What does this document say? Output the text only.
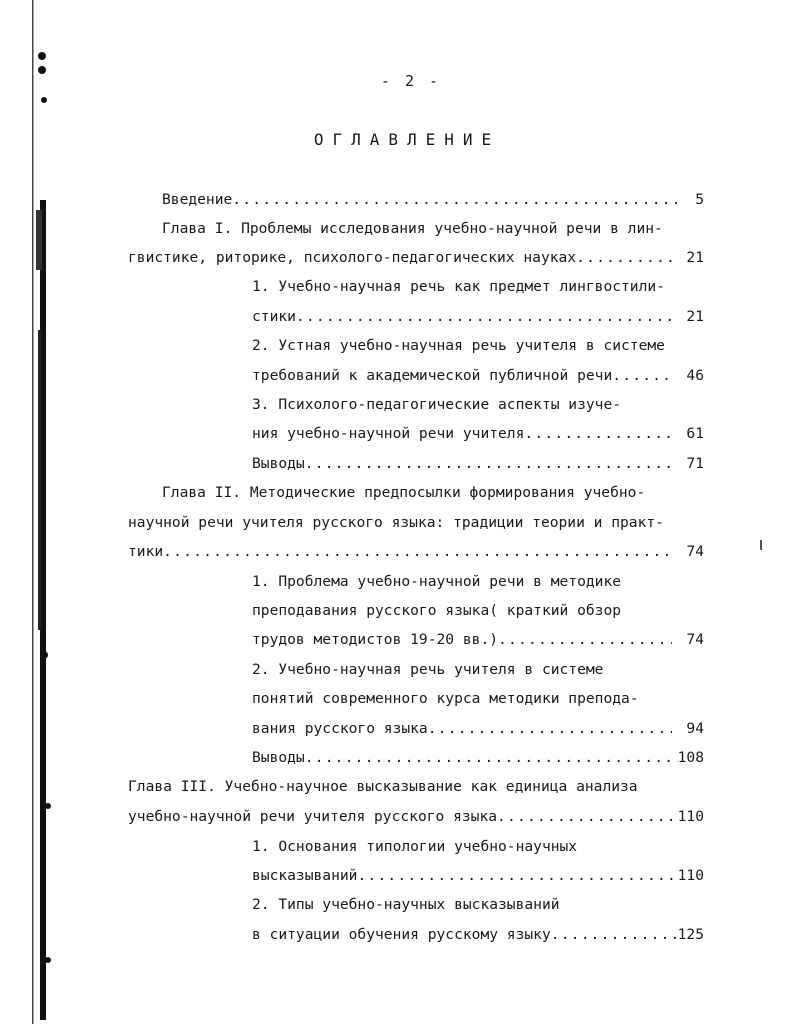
- 2 -
ОГЛАВЛЕНИЕ
Введение .....	5
Глава I. Проблемы исследования учебно-научной речи в лин-
гвистике, риторике, психолого-педагогических науках .....	21
1. Учебно-научная речь как предмет лингвостили-
стики .....	21
2. Устная учебно-научная речь учителя в системе
требований к академической публичной речи .....	46
3. Психолого-педагогические аспекты изуче-
ния учебно-научной речи учителя .....	61
Выводы .....	71
Глава II. Методические предпосылки формирования учебно-
научной речи учителя русского языка: традиции теории и практ-
тики .....	74
1. Проблема учебно-научной речи в методике
преподавания русского языка( краткий обзор
трудов методистов 19-20 вв.) .....	74
2. Учебно-научная речь учителя в системе
понятий современного курса методики препода-
вания русского языка .....	94
Выводы .....	108
Глава III. Учебно-научное высказывание как единица анализа
учебно-научной речи учителя русского языка .....	110
1. Основания типологии учебно-научных
высказываний .....	110
2. Типы учебно-научных высказываний
в ситуации обучения русскому языку .....	125
